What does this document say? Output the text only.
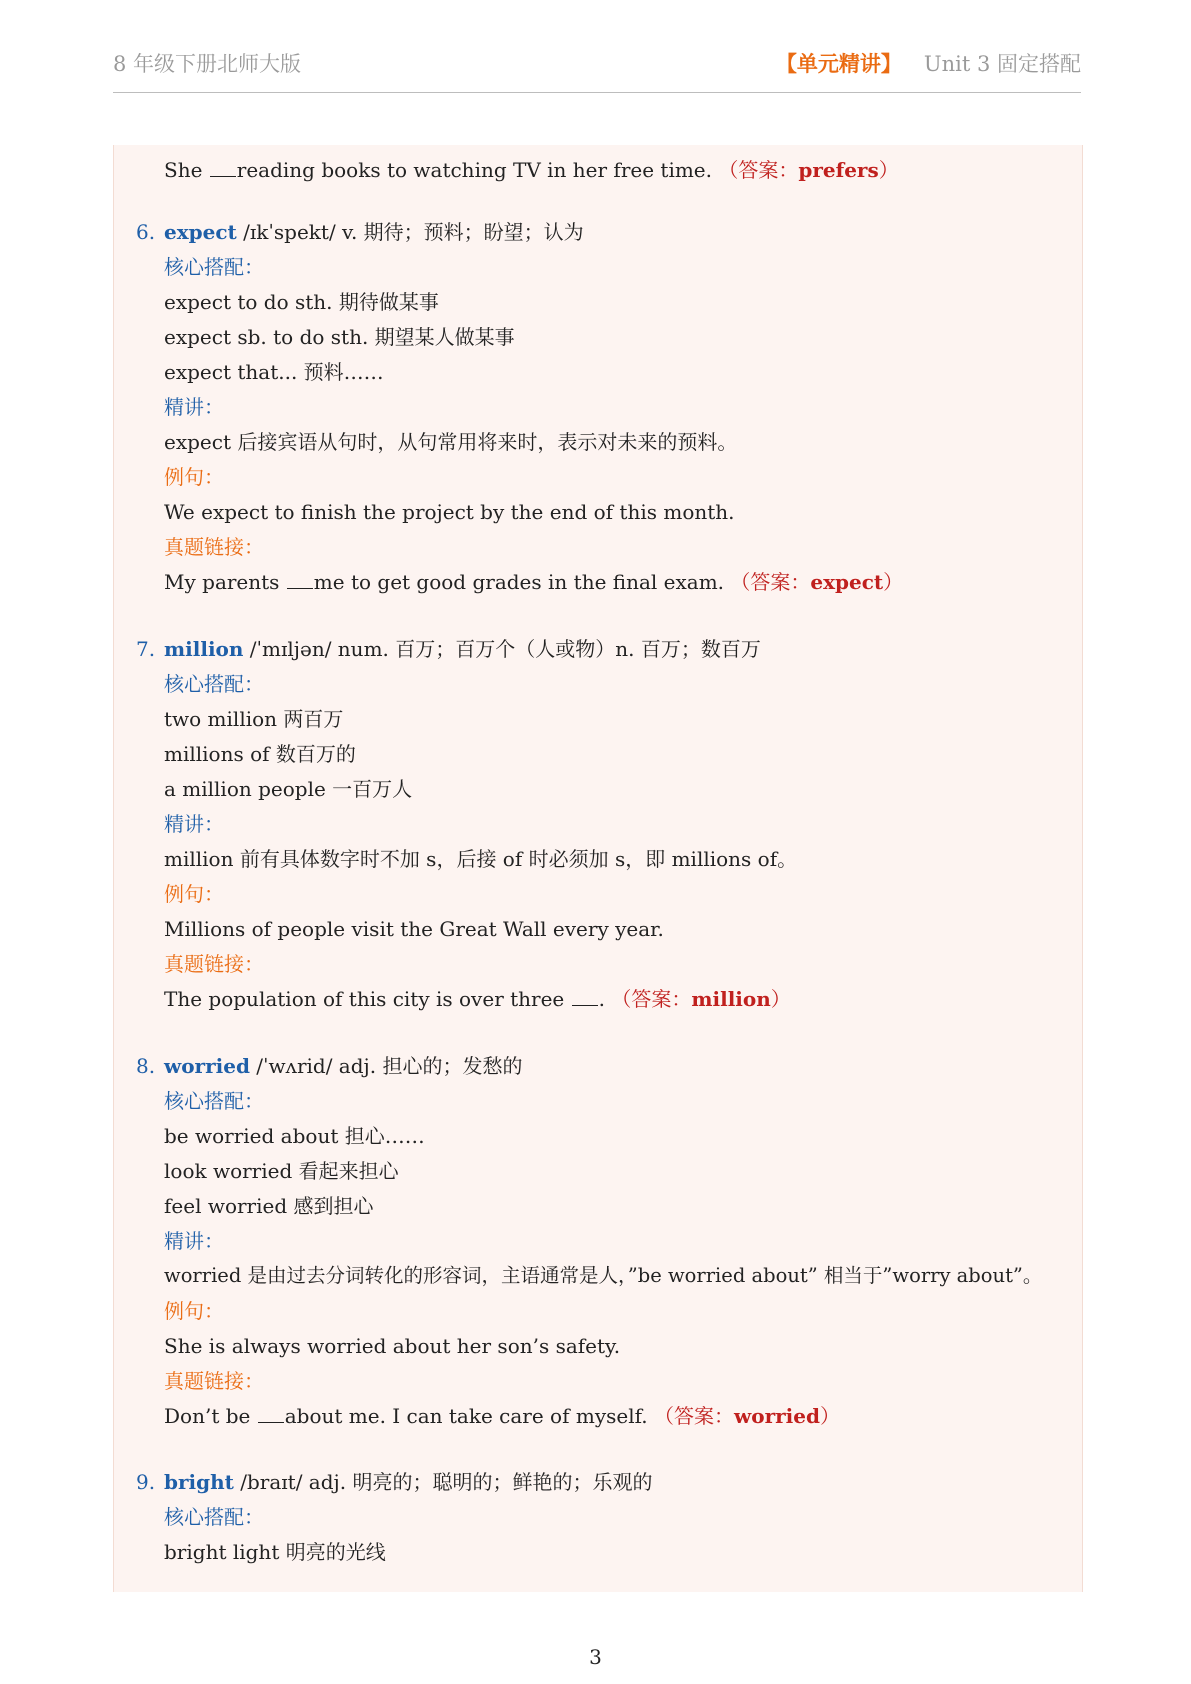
8 年级下册北师大版	【单元精讲】 Unit 3 固定搭配
She reading books to watching TV in her free time. （答案：prefers）
6. expect /ɪkˈspekt/ v. 期待；预料；盼望；认为
核心搭配：
expect to do sth. 期待做某事
expect sb. to do sth. 期望某人做某事
expect that... 预料……
精讲：
expect 后接宾语从句时，从句常用将来时，表示对未来的预料。
例句：
We expect to finish the project by the end of this month.
真题链接：
My parents me to get good grades in the final exam. （答案：expect）
7. million /ˈmɪljən/ num. 百万；百万个（人或物）n. 百万；数百万
核心搭配：
two million 两百万
millions of 数百万的
a million people 一百万人
精讲：
million 前有具体数字时不加 s，后接 of 时必须加 s，即 millions of。
例句：
Millions of people visit the Great Wall every year.
真题链接：
The population of this city is over three . （答案：million）
8. worried /ˈwʌrid/ adj. 担心的；发愁的
核心搭配：
be worried about 担心……
look worried 看起来担心
feel worried 感到担心
精讲：
worried 是由过去分词转化的形容词，主语通常是人，”be worried about” 相当于”worry about”。
例句：
She is always worried about her son’s safety.
真题链接：
Don’t be about me. I can take care of myself. （答案：worried）
9. bright /braɪt/ adj. 明亮的；聪明的；鲜艳的；乐观的
核心搭配：
bright light 明亮的光线
3
